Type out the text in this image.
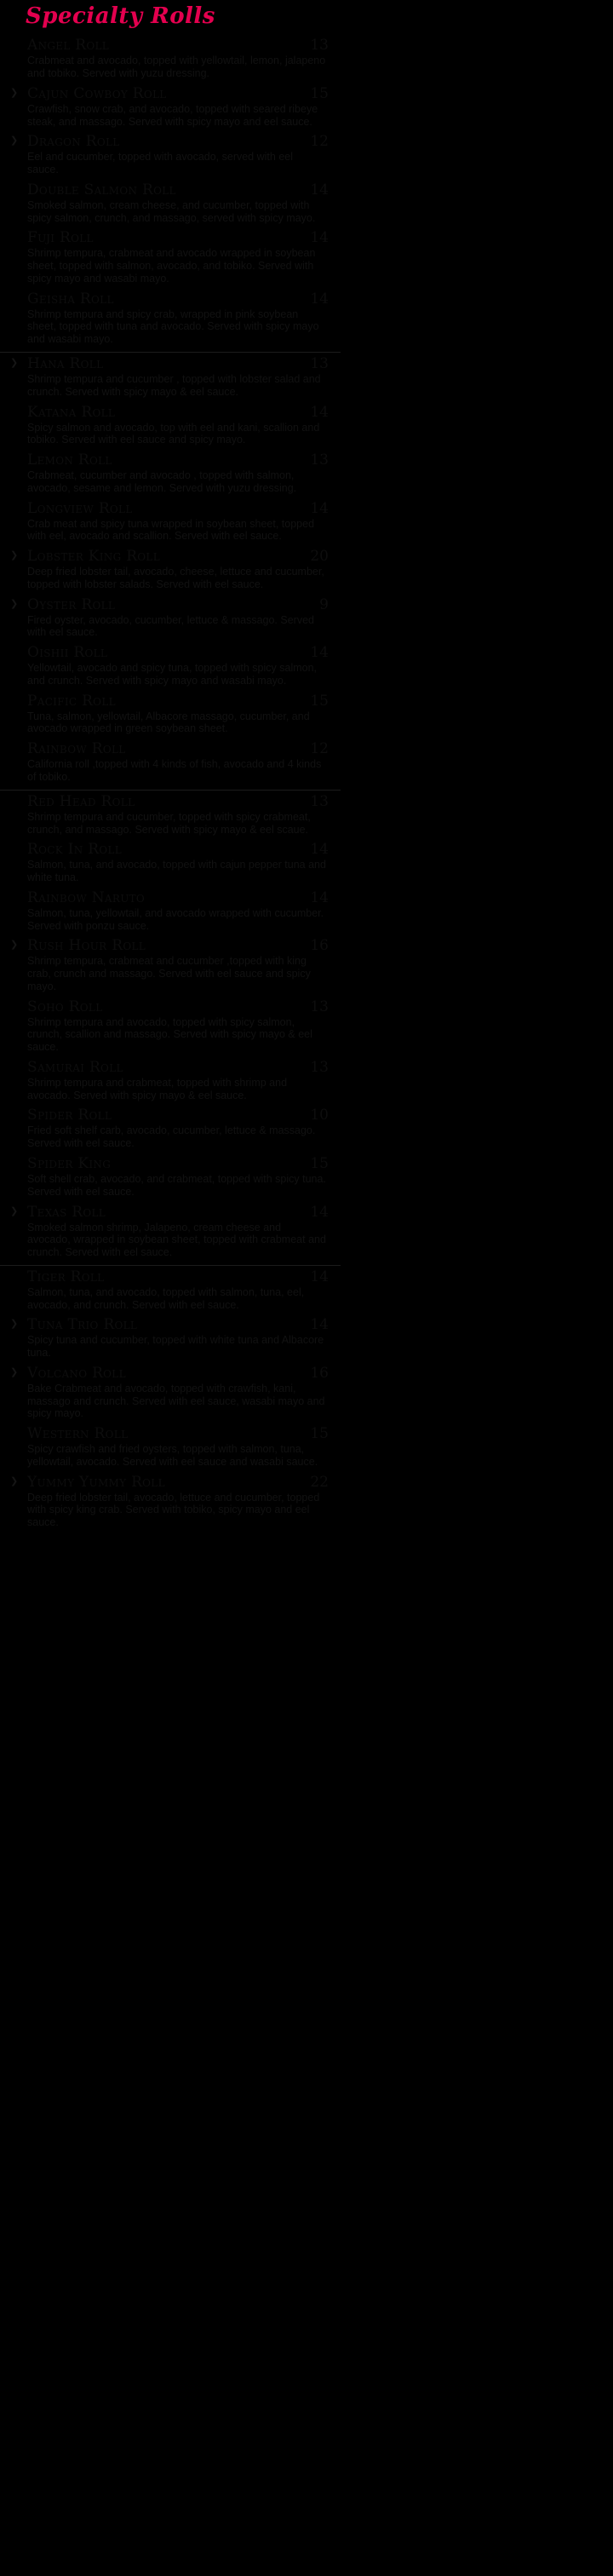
Specialty Rolls
Angel Roll	13
Crabmeat and avocado, topped with yellowtail, lemon, jalapeno and tobiko. Served with yuzu dressing.
❯ Cajun Cowboy Roll	15
Crawfish, snow crab, and avocado, topped with seared ribeye steak, and massago. Served with spicy mayo and eel sauce.
❯ Dragon Roll	12
Eel and cucumber, topped with avocado, served with eel sauce.
Double Salmon Roll	14
Smoked salmon, cream cheese, and cucumber, topped with spicy salmon, crunch, and massago, served with spicy mayo.
Fuji Roll	14
Shrimp tempura, crabmeat and avocado wrapped in soybean sheet, topped with salmon, avocado, and tobiko. Served with spicy mayo and wasabi mayo.
Geisha Roll	14
Shrimp tempura and spicy crab, wrapped in pink soybean sheet, topped with tuna and avocado. Served with spicy mayo and wasabi mayo.
❯ Hana Roll	13
Shrimp tempura and cucumber , topped with lobster salad and crunch. Served with spicy mayo & eel sauce.
Katana Roll	14
Spicy salmon and avocado, top with eel and kani, scallion and tobiko. Served with eel sauce and spicy mayo.
Lemon Roll	13
Crabmeat, cucumber and avocado , topped with salmon, avocado, sesame and lemon. Served with yuzu dressing.
Longview Roll	14
Crab meat and spicy tuna wrapped in soybean sheet, topped with eel, avocado and scallion. Served with eel sauce.
❯ Lobster King Roll	20
Deep fried lobster tail, avocado, cheese, lettuce and cucumber, topped with lobster salads. Served with eel sauce.
❯ Oyster Roll	9
Fired oyster, avocado, cucumber, lettuce & massago. Served with eel sauce.
Oishii Roll	14
Yellowtail, avocado and spicy tuna, topped with spicy salmon, and crunch. Served with spicy mayo and wasabi mayo.
Pacific Roll	15
Tuna, salmon, yellowtail, Albacore massago, cucumber, and avocado wrapped in green soybean sheet.
Rainbow Roll	12
California roll ,topped with 4 kinds of fish, avocado and 4 kinds of tobiko.
Red Head Roll	13
Shrimp tempura and cucumber, topped with spicy crabmeat, crunch, and massago. Served with spicy mayo & eel scaue.
Rock In Roll	14
Salmon, tuna, and avocado, topped with cajun pepper tuna and white tuna.
Rainbow Naruto	14
Salmon, tuna, yellowtail, and avocado wrapped with cucumber. Served with ponzu sauce.
❯ Rush Hour Roll	16
Shrimp tempura, crabmeat and cucumber ,topped with king crab, crunch and massago. Served with eel sauce and spicy mayo.
Soho Roll	13
Shrimp tempura and avocado, topped with spicy salmon, crunch, scallion and massago. Served with spicy mayo & eel sauce.
Samurai Roll	13
Shrimp tempura and crabmeat, topped with shrimp and avocado. Served with spicy mayo & eel sauce.
Spider Roll	10
Fried soft shelf carb, avocado, cucumber, lettuce & massago. Served with eel sauce.
Spider King	15
Soft shell crab, avocado, and crabmeat, topped with spicy tuna. Served with eel sauce.
❯ Texas Roll	14
Smoked salmon shrimp, Jalapeno, cream cheese and avocado, wrapped in soybean sheet, topped with crabmeat and crunch. Served with eel sauce.
Tiger Roll	14
Salmon, tuna, and avocado, topped with salmon, tuna, eel, avocado, and crunch. Served with eel sauce.
❯ Tuna Trio Roll	14
Spicy tuna and cucumber, topped with white tuna and Albacore tuna.
❯ Volcano Roll	16
Bake Crabmeat and avocado, topped with crawfish, kani, massago and crunch. Served with eel sauce, wasabi mayo and spicy mayo.
Western Roll	15
Spicy crawfish and fried oysters, topped with salmon, tuna, yellowtail, avocado. Served with eel sauce and wasabi sauce.
❯ Yummy Yummy Roll	22
Deep fried lobster tail, avocado, lettuce and cucumber, topped with spicy king crab. Served with tobiko, spicy mayo and eel sauce.
